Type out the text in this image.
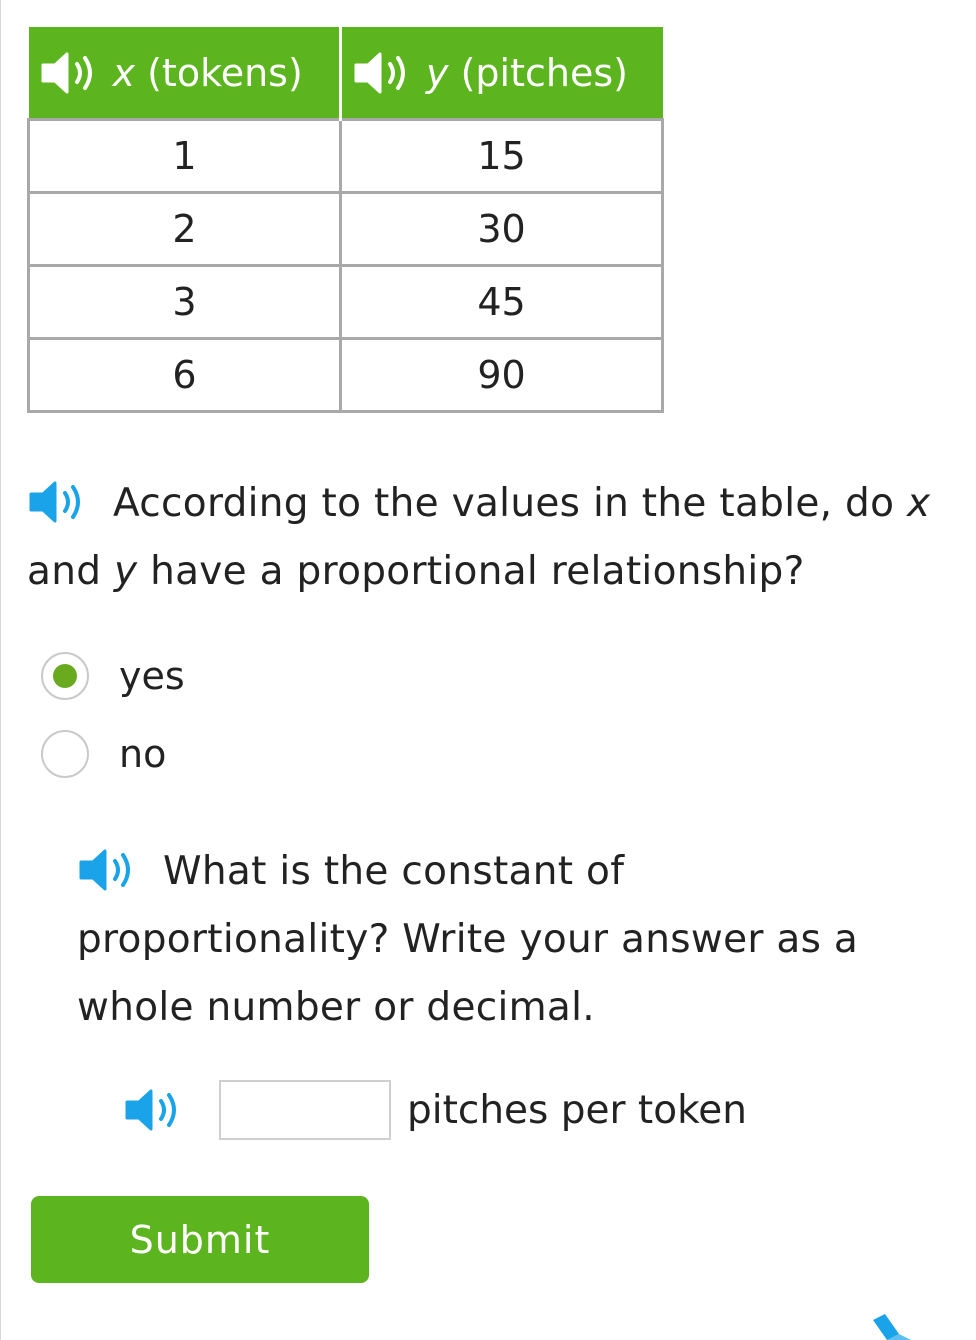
x (tokens)	y (pitches)

1	15
2	30
3	45
6	90
According to the values in the table, do x and y have a proportional relationship?
yes
no
What is the constant of proportionality? Write your answer as a whole number or decimal.
pitches per token
Submit
